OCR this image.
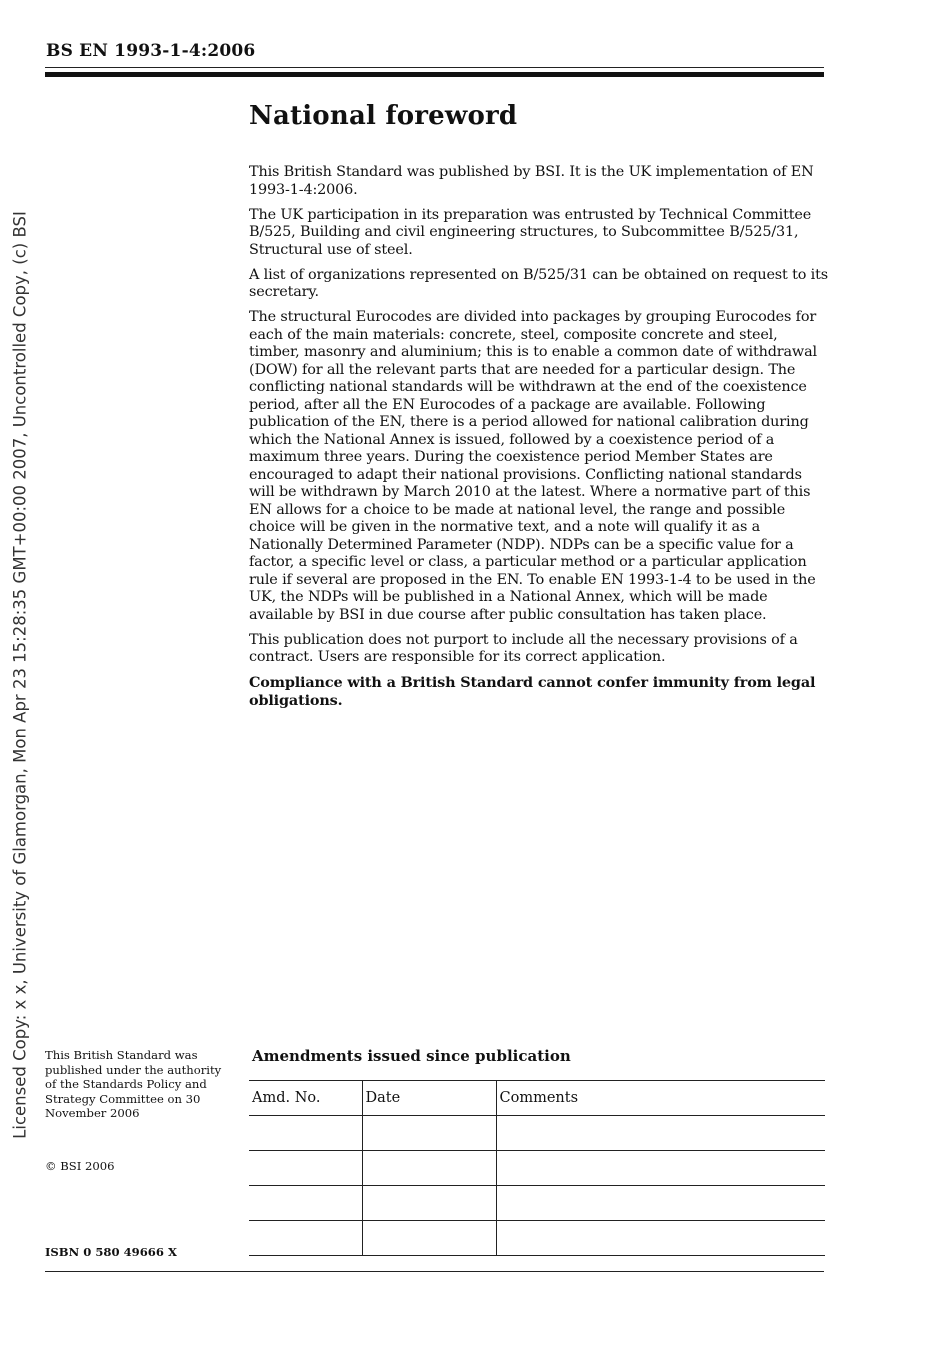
BS EN 1993-1-4:2006
Licensed Copy: x x, University of Glamorgan, Mon Apr 23 15:28:35 GMT+00:00 2007, Uncontrolled Copy, (c) BSI
National foreword

This British Standard was published by BSI. It is the UK implementation of EN 1993-1-4:2006.

The UK participation in its preparation was entrusted by Technical Committee B/525, Building and civil engineering structures, to Subcommittee B/525/31, Structural use of steel.

A list of organizations represented on B/525/31 can be obtained on request to its secretary.

The structural Eurocodes are divided into packages by grouping Eurocodes for each of the main materials: concrete, steel, composite concrete and steel, timber, masonry and aluminium; this is to enable a common date of withdrawal (DOW) for all the relevant parts that are needed for a particular design. The conflicting national standards will be withdrawn at the end of the coexistence period, after all the EN Eurocodes of a package are available. Following publication of the EN, there is a period allowed for national calibration during which the National Annex is issued, followed by a coexistence period of a maximum three years. During the coexistence period Member States are encouraged to adapt their national provisions. Conflicting national standards will be withdrawn by March 2010 at the latest. Where a normative part of this EN allows for a choice to be made at national level, the range and possible choice will be given in the normative text, and a note will qualify it as a Nationally Determined Parameter (NDP). NDPs can be a specific value for a factor, a specific level or class, a particular method or a particular application rule if several are proposed in the EN. To enable EN 1993-1-4 to be used in the UK, the NDPs will be published in a National Annex, which will be made available by BSI in due course after public consultation has taken place.

This publication does not purport to include all the necessary provisions of a contract. Users are responsible for its correct application.

Compliance with a British Standard cannot confer immunity from legal obligations.

This British Standard was published under the authority of the Standards Policy and Strategy Committee on 30 November 2006
© BSI 2006
ISBN 0 580 49666 X
Amendments issued since publication
Amd. No.	Date	Comments
